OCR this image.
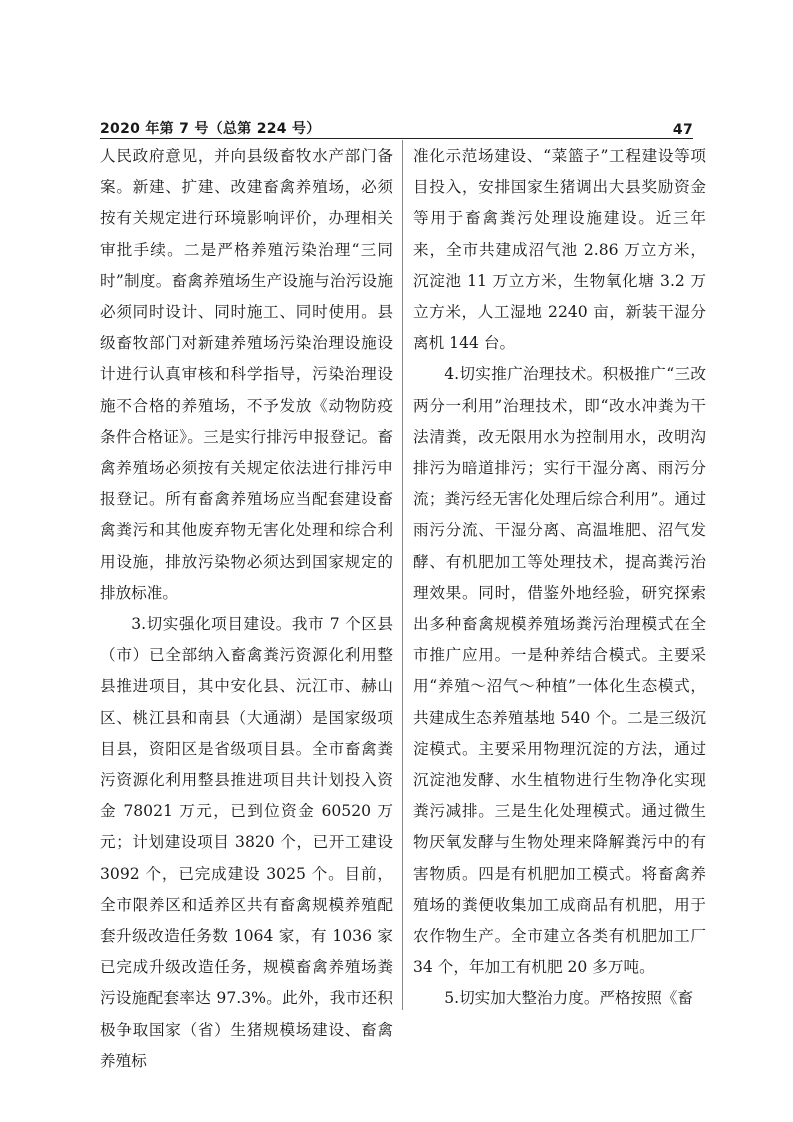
2020 年第 7 号（总第 224 号）	47

人民政府意见，并向县级畜牧水产部门备案。新建、扩建、改建畜禽养殖场，必须按有关规定进行环境影响评价，办理相关审批手续。二是严格养殖污染治理“三同时”制度。畜禽养殖场生产设施与治污设施必须同时设计、同时施工、同时使用。县级畜牧部门对新建养殖场污染治理设施设计进行认真审核和科学指导，污染治理设施不合格的养殖场，不予发放《动物防疫条件合格证》。三是实行排污申报登记。畜禽养殖场必须按有关规定依法进行排污申报登记。所有畜禽养殖场应当配套建设畜禽粪污和其他废弃物无害化处理和综合利用设施，排放污染物必须达到国家规定的排放标准。

3.切实强化项目建设。我市 7 个区县（市）已全部纳入畜禽粪污资源化利用整县推进项目，其中安化县、沅江市、赫山区、桃江县和南县（大通湖）是国家级项目县，资阳区是省级项目县。全市畜禽粪污资源化利用整县推进项目共计划投入资金 78021 万元，已到位资金 60520 万元；计划建设项目 3820 个，已开工建设 3092 个，已完成建设 3025 个。目前，全市限养区和适养区共有畜禽规模养殖配套升级改造任务数 1064 家，有 1036 家已完成升级改造任务，规模畜禽养殖场粪污设施配套率达 97.3%。此外，我市还积极争取国家（省）生猪规模场建设、畜禽养殖标

准化示范场建设、“菜篮子”工程建设等项目投入，安排国家生猪调出大县奖励资金等用于畜禽粪污处理设施建设。近三年来，全市共建成沼气池 2.86 万立方米，沉淀池 11 万立方米，生物氧化塘 3.2 万立方米，人工湿地 2240 亩，新装干湿分离机 144 台。

4.切实推广治理技术。积极推广“三改两分一利用”治理技术，即“改水冲粪为干法清粪，改无限用水为控制用水，改明沟排污为暗道排污；实行干湿分离、雨污分流；粪污经无害化处理后综合利用”。通过雨污分流、干湿分离、高温堆肥、沼气发酵、有机肥加工等处理技术，提高粪污治理效果。同时，借鉴外地经验，研究探索出多种畜禽规模养殖场粪污治理模式在全市推广应用。一是种养结合模式。主要采用“养殖～沼气～种植”一体化生态模式，共建成生态养殖基地 540 个。二是三级沉淀模式。主要采用物理沉淀的方法，通过沉淀池发酵、水生植物进行生物净化实现粪污减排。三是生化处理模式。通过微生物厌氧发酵与生物处理来降解粪污中的有害物质。四是有机肥加工模式。将畜禽养殖场的粪便收集加工成商品有机肥，用于农作物生产。全市建立各类有机肥加工厂 34 个，年加工有机肥 20 多万吨。

5.切实加大整治力度。严格按照《畜
